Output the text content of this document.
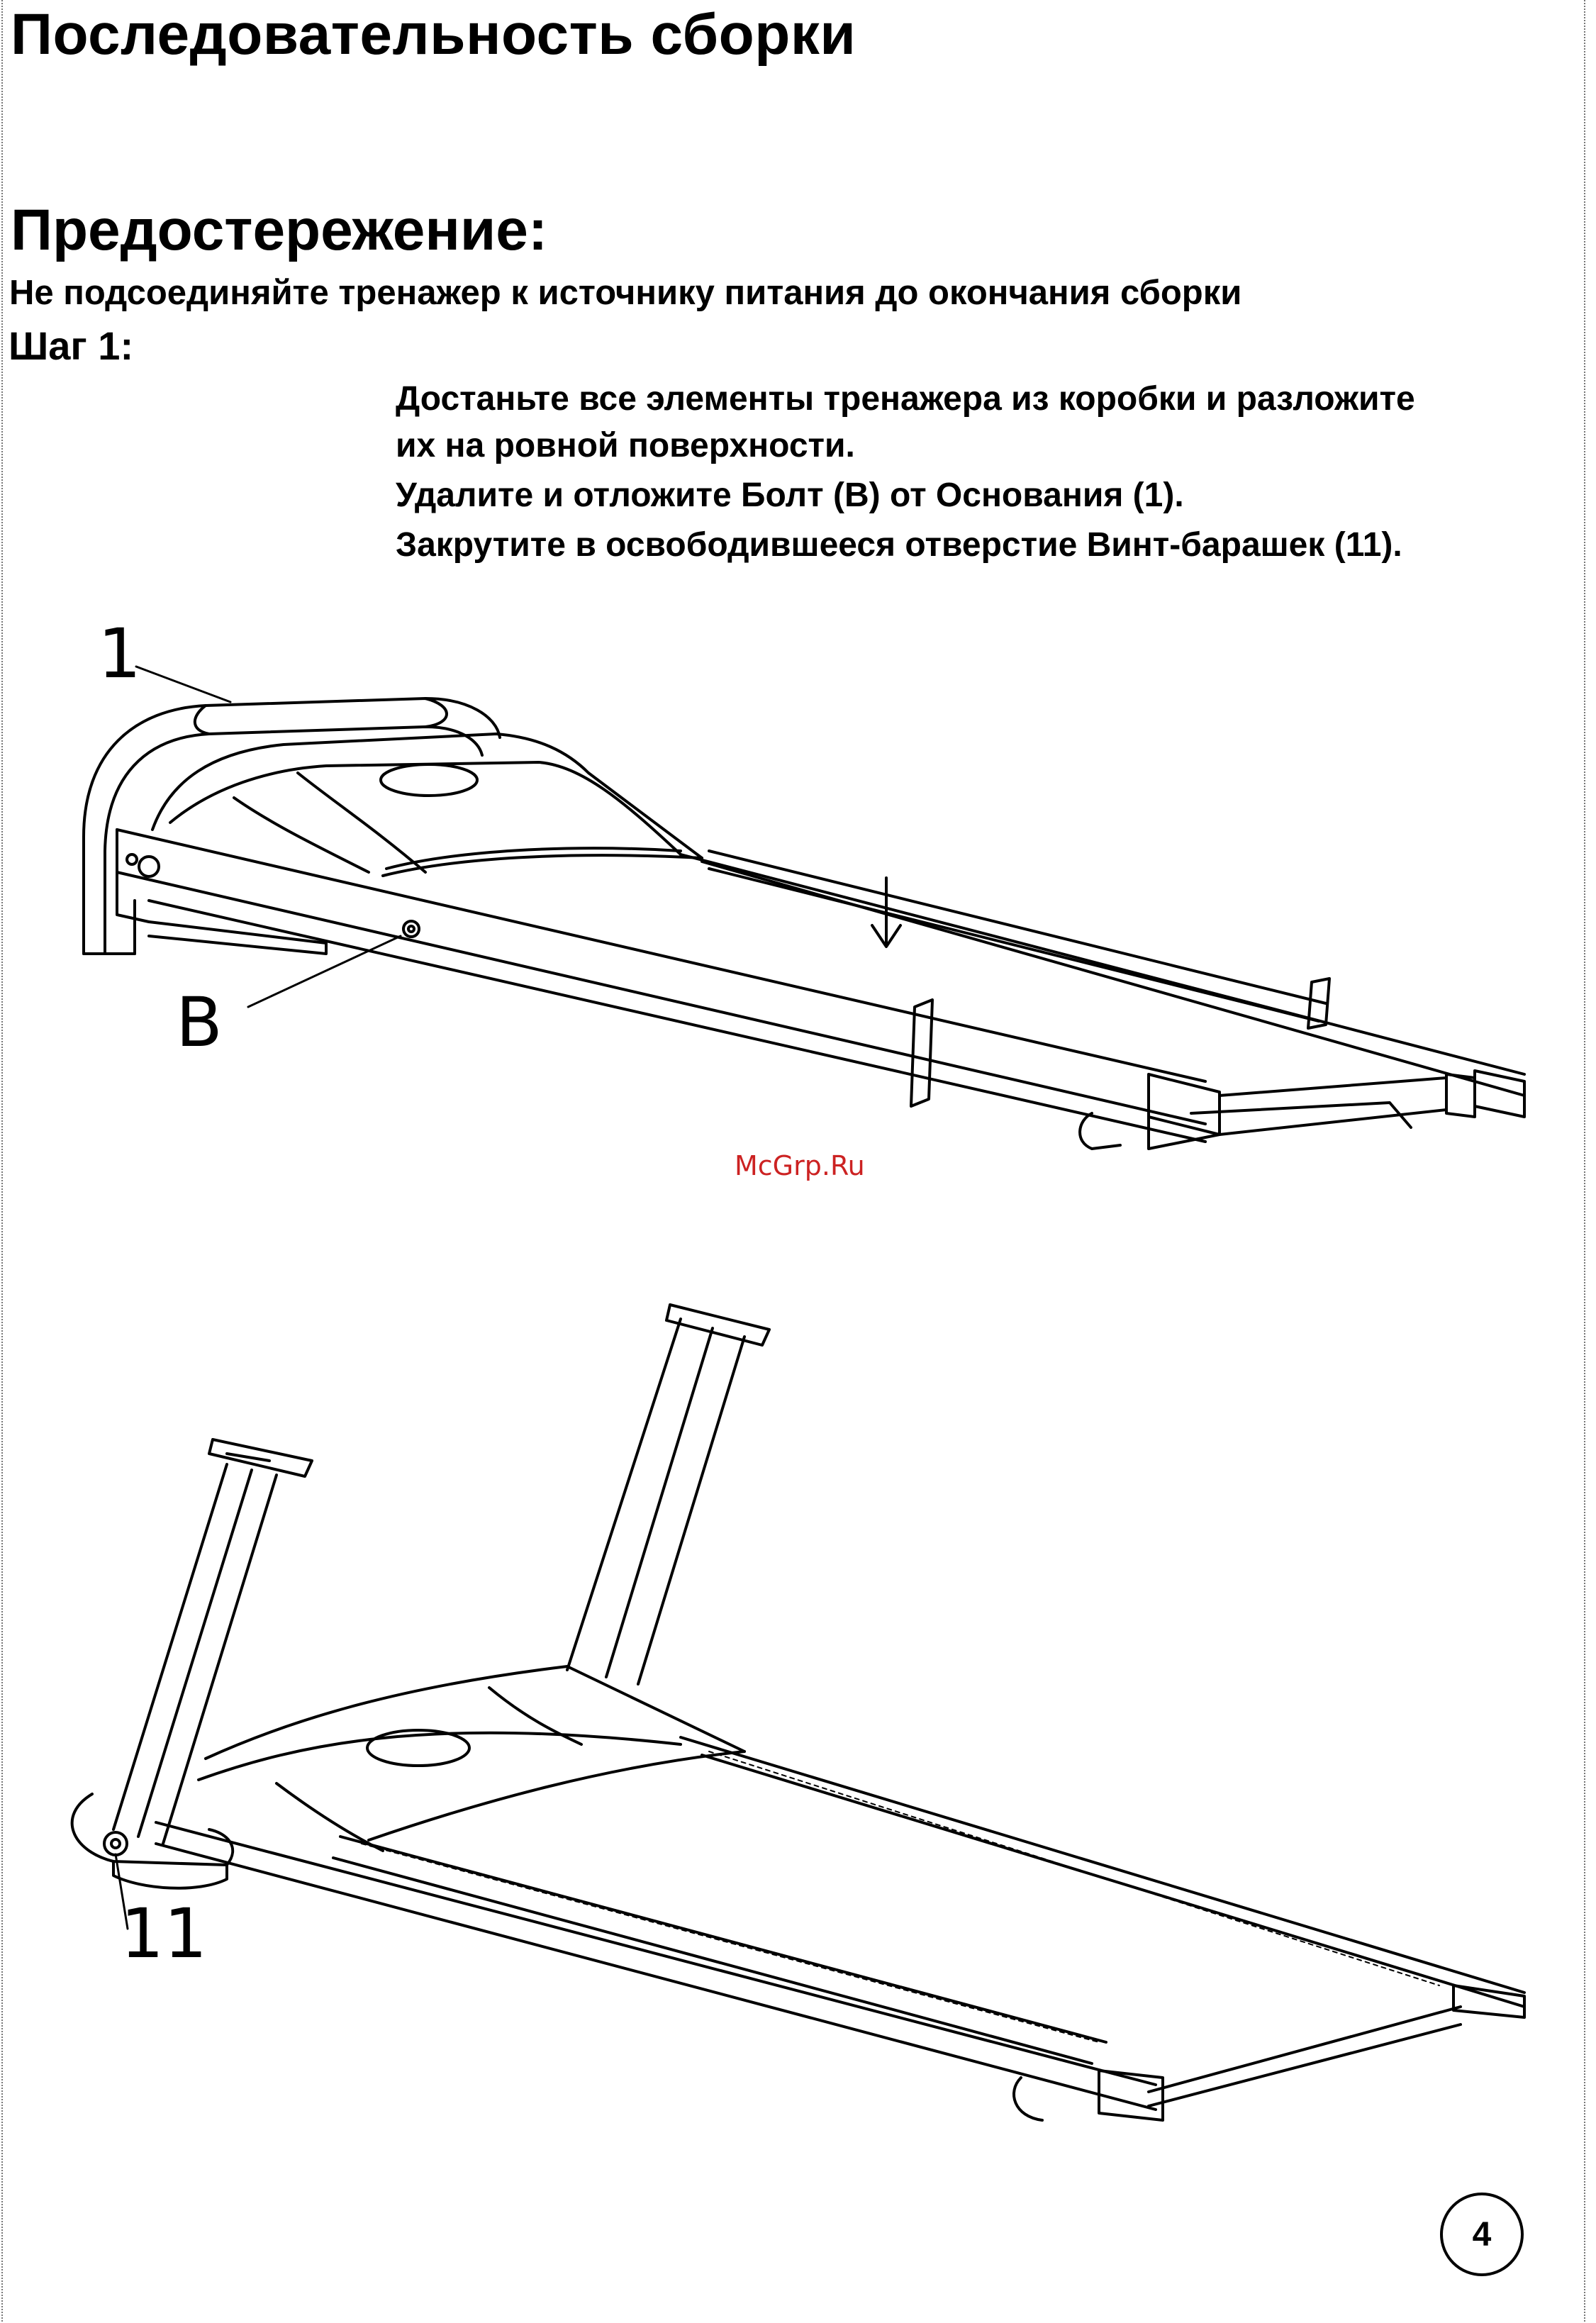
Последовательность сборки
Предостережение:

Не подсоединяйте тренажер к источнику питания до окончания сборки

Шаг 1:

Достаньте все элементы тренажера из коробки и разложите
их на ровной поверхности.
Удалите и отложите Болт (B) от Основания (1).
Закрутите в освободившееся отверстие Винт-барашек (11).
1
B
11
McGrp.Ru
4
